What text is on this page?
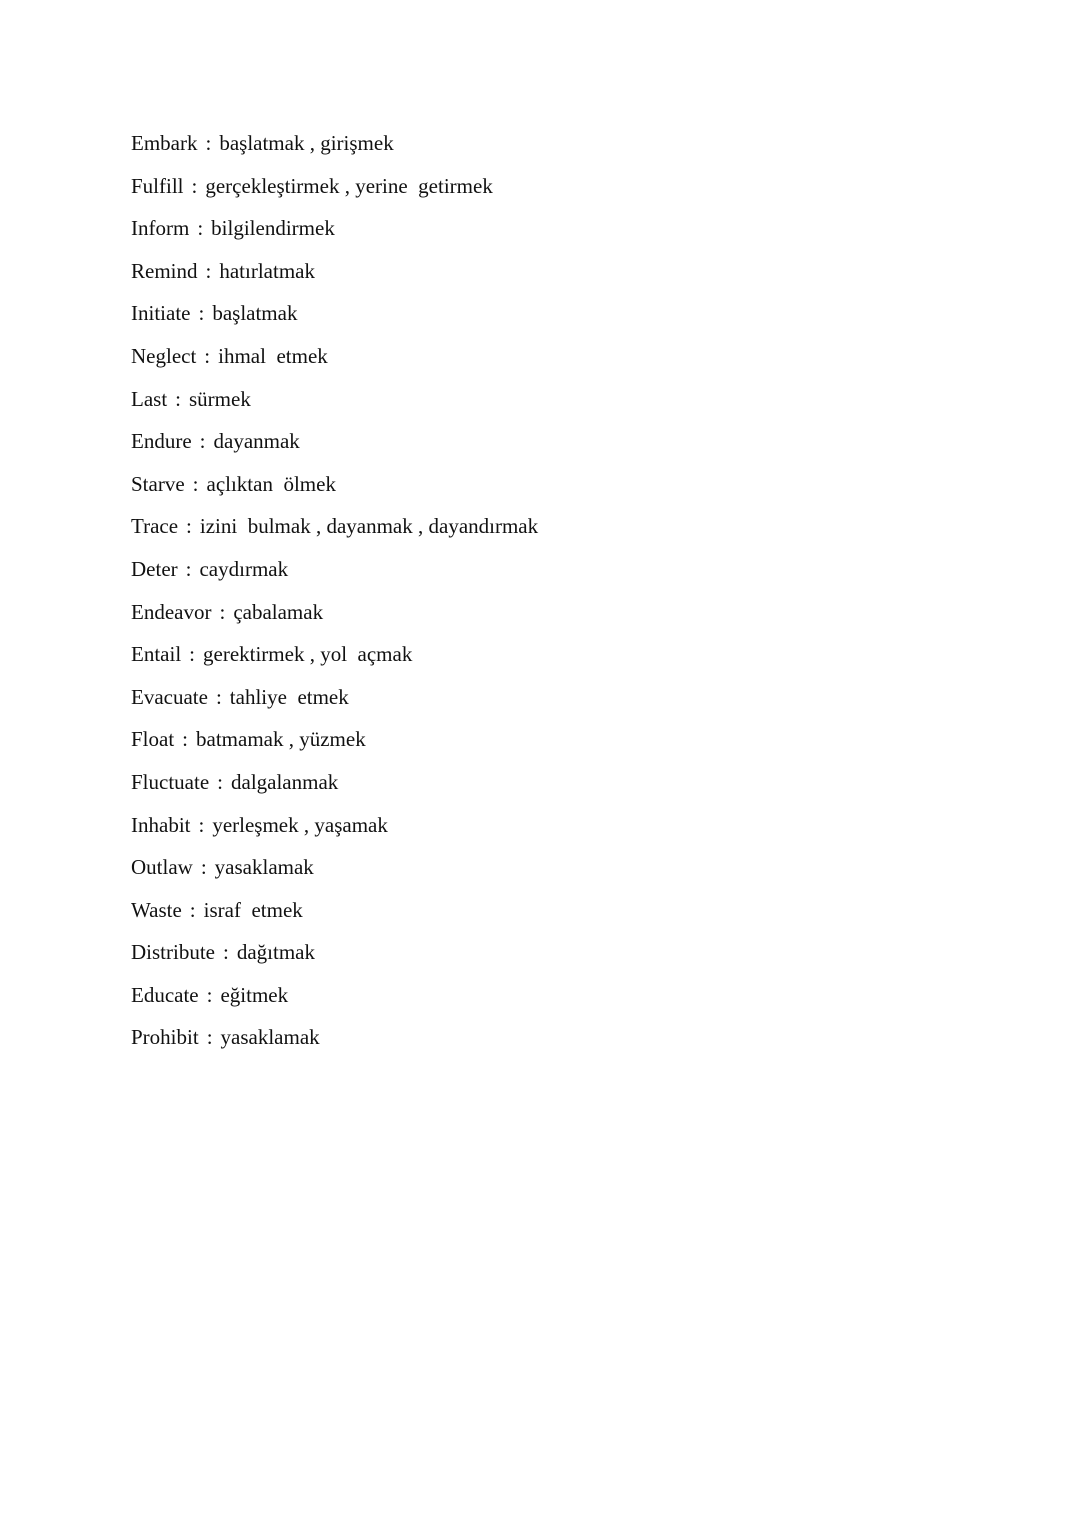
Embark : başlatmak , girişmek
Fulfill : gerçekleştirmek , yerine  getirmek
Inform : bilgilendirmek
Remind : hatırlatmak
Initiate : başlatmak
Neglect : ihmal  etmek
Last : sürmek
Endure : dayanmak
Starve : açlıktan  ölmek
Trace : izini  bulmak , dayanmak , dayandırmak
Deter : caydırmak
Endeavor : çabalamak
Entail : gerektirmek , yol  açmak
Evacuate : tahliye  etmek
Float : batmamak , yüzmek
Fluctuate : dalgalanmak
Inhabit : yerleşmek , yaşamak
Outlaw : yasaklamak
Waste : israf  etmek
Distribute : dağıtmak
Educate : eğitmek
Prohibit : yasaklamak
